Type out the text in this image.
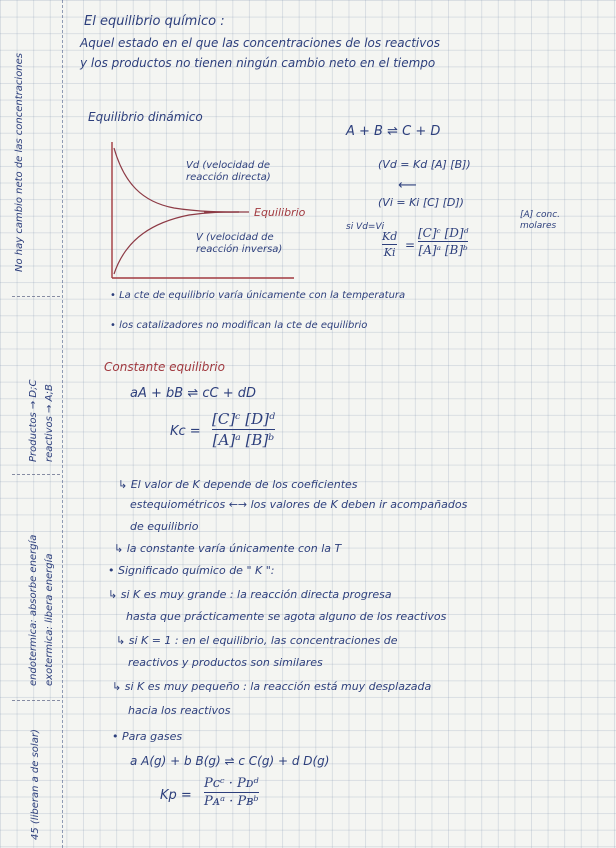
No hay cambio neto de las concentraciones
Productos → D;C reactivos → A;B
endotermica: absorbe energía exotermica: libera energía
45 (liberan a de solar)
El equilibrio químico :
Aquel estado en el que las concentraciones de los reactivos
y los productos no tienen ningún cambio neto en el tiempo
Equilibrio dinámico
A + B ⇌ C + D
Vd (velocidad de reacción directa)
Equilibrio
V (velocidad de reacción inversa)
(Vd = Kd [A] [B])
⟵
(Vi = Ki [C] [D])
si Vd=Vi
Kd
Ki
=
[C]ᶜ [D]ᵈ
[A]ᵃ [B]ᵇ
[A] conc. molares
• La cte de equilibrio varía únicamente con la temperatura
• los catalizadores no modifican la cte de equilibrio
Constante equilibrio
aA + bB ⇌ cC + dD
Kc =
[C]ᶜ [D]ᵈ
[A]ᵃ [B]ᵇ
↳ El valor de K depende de los coeficientes
estequiométricos ←→ los valores de K deben ir acompañados
de equilibrio
↳ la constante varía únicamente con la T
• Significado químico de " K ":
↳ si K es muy grande : la reacción directa progresa
hasta que prácticamente se agota alguno de los reactivos
↳ si K = 1 : en el equilibrio, las concentraciones de
reactivos y productos son similares
↳ si K es muy pequeño : la reacción está muy desplazada
hacia los reactivos
• Para gases
a A(g) + b B(g) ⇌ c C(g) + d D(g)
Kp =
Pᴄᶜ · Pᴅᵈ
Pᴀᵃ · Pʙᵇ
